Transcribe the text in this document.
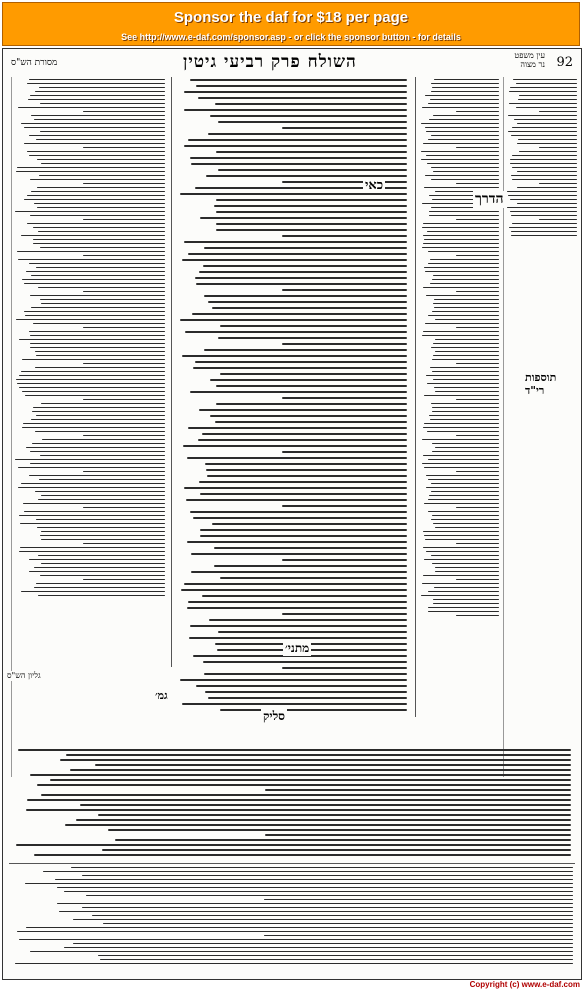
Sponsor the daf for $18 per page
See http://www.e-daf.com/sponsor.asp - or click the sponsor button - for details
מסורת הש"ס	השולח פרק רביעי גיטין	עין משפט
נר מצוה 92
הדרך
כאי
תוספות רי"ד
מתני׳
סליק
גמ׳
גליון הש"ס
Copyright (c) www.e-daf.com
